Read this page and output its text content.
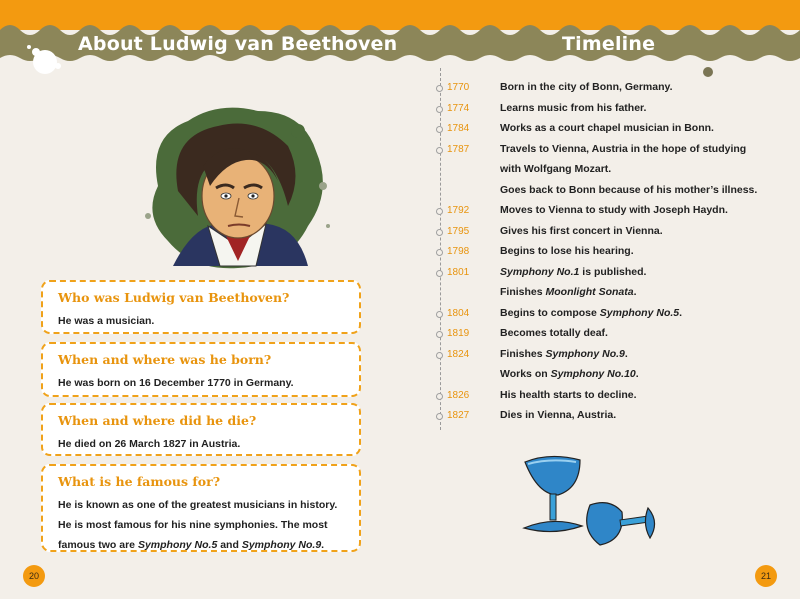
About Ludwig van Beethoven	Timeline
Who was Ludwig van Beethoven?
He was a musician.
When and where was he born?
He was born on 16 December 1770 in Germany.
When and where did he die?
He died on 26 March 1827 in Austria.
What is he famous for?
He is known as one of the greatest musicians in history. He is most famous for his nine symphonies. The most famous two are Symphony No.5 and Symphony No.9.
1770	Born in the city of Bonn, Germany.
1774	Learns music from his father.
1784	Works as a court chapel musician in Bonn.
1787	Travels to Vienna, Austria in the hope of studying
with Wolfgang Mozart.
Goes back to Bonn because of his mother’s illness.
1792	Moves to Vienna to study with Joseph Haydn.
1795	Gives his first concert in Vienna.
1798	Begins to lose his hearing.
1801	Symphony No.1 is published.
Finishes Moonlight Sonata.
1804	Begins to compose Symphony No.5.
1819	Becomes totally deaf.
1824	Finishes Symphony No.9.
Works on Symphony No.10.
1826	His health starts to decline.
1827	Dies in Vienna, Austria.
20	21
